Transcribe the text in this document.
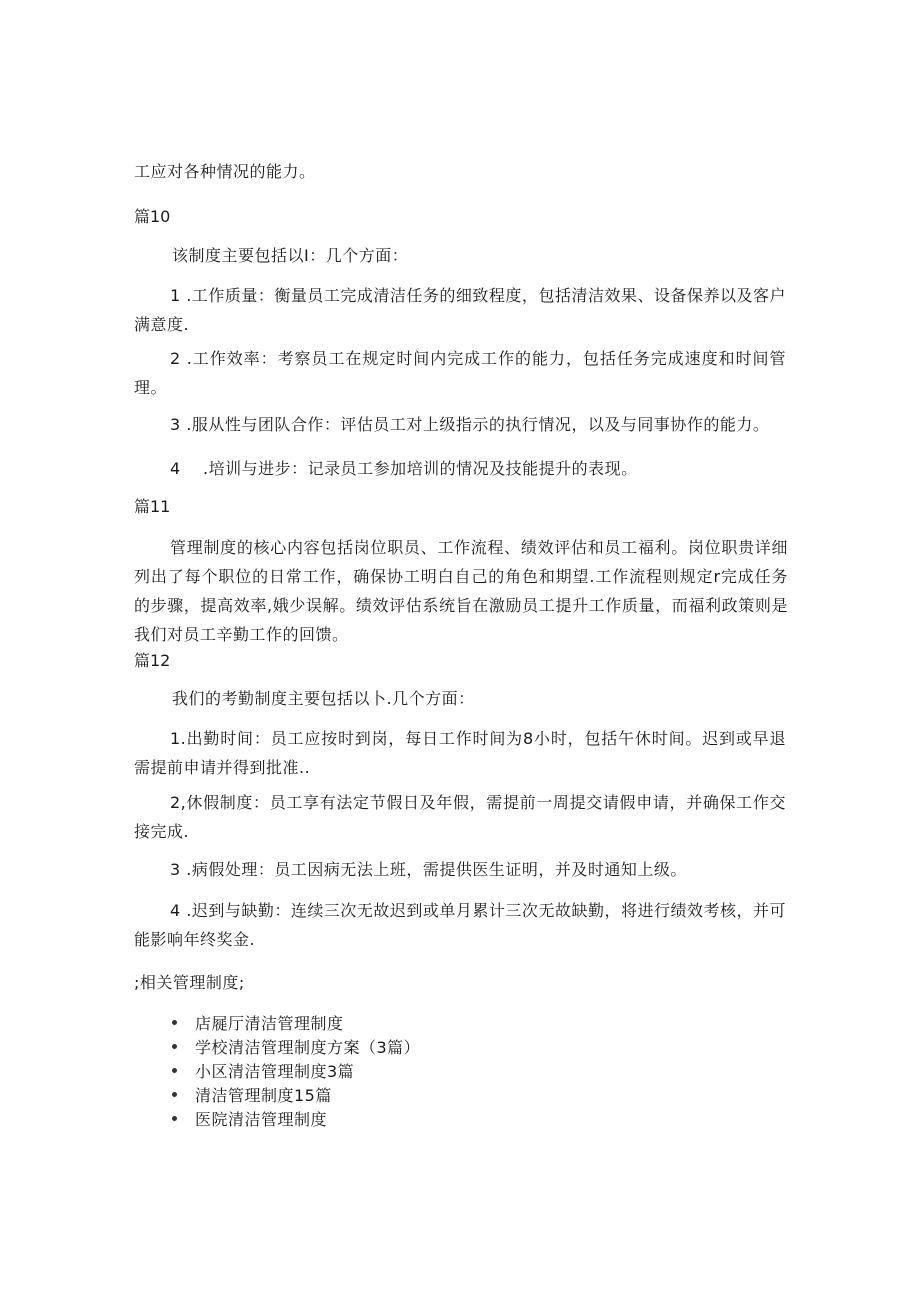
工应对各种情况的能力。
篇10
该制度主要包括以I：几个方面：
1 .工作质量：衡量员工完成清洁任务的细致程度，包括清洁效果、设备保养以及客户满意度.
2 .工作效率：考察员工在规定时间内完成工作的能力，包括任务完成速度和时间管理。
3 .服从性与团队合作：评估员工对上级指示的执行情况，以及与同事协作的能力。
4    .培训与进步：记录员工参加培训的情况及技能提升的表现。
篇11
管理制度的核心内容包括岗位职员、工作流程、绩效评估和员工福利。岗位职贵详细列出了每个职位的日常工作，确保协工明白自己的角色和期望.工作流程则规定r完成任务的步骤，提高效率,娥少误解。绩效评估系统旨在激励员工提升工作质量，而福利政策则是我们对员工辛勤工作的回馈。
篇12
我们的考勤制度主要包括以卜.几个方面：
1.出勤时间：员工应按时到岗，每日工作时间为8小时，包括午休时间。迟到或早退需提前申请并得到批准..
2,休假制度：员工享有法定节假日及年假，需提前一周提交请假申请，并确保工作交接完成.
3 .病假处理：员工因病无法上班，需提供医生证明，并及时通知上级。
4 .迟到与缺勤：连续三次无故迟到或单月累计三次无故缺勤，将进行绩效考核，并可能影响年终奖金.
;相关管理制度;
店屣厅清洁管理制度
学校清洁管理制度方案（3篇）
小区清洁管理制度3篇
清洁管理制度15篇
医院清洁管理制度
